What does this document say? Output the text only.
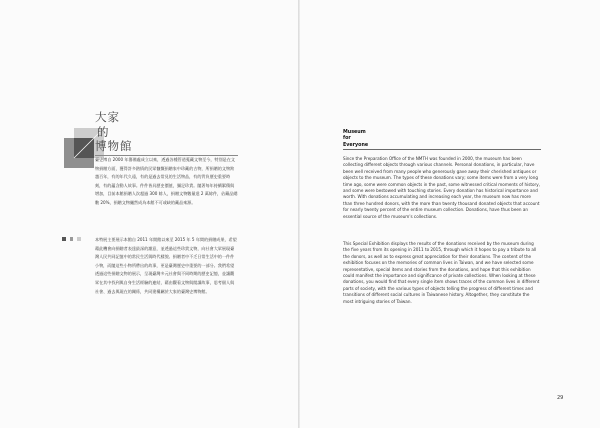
大家
的
博物館

臺史博自 2000 年籌備處成立以來，透過各種管道蒐藏文物至今，特別是在文物捐贈方面，獲得許多熱情的民眾慷慨捐贈家中珍藏的古物，所捐贈的文物跨越百年，有的年代久遠，有的是過去常見的生活物品，有的背負歷史重要時刻，有的蘊含動人故事。件件皆具歷史價值，彌足珍貴。隨著每年持續累積與增加，目前本館捐贈人次超過 300 餘人，捐贈文物數量達 2 萬餘件，佔藏品總數 20%，捐贈文物儼然成為本館不可或缺的藏品來源。

本特展主要展示本館自 2011 年開館以來至 2015 年 5 年間的捐贈成果，希望藉此機會向捐贈者表達最深的謝意，並透過這些珍貴文物，向社會大眾展現臺灣人民共同記憶中的常民生活與時代樣貌。捐贈者中不乏日常生活中的一件件小物，而隨這些小物所帶出的故事，更是臺灣歷史中重要的一部分。我們希望透過這些捐贈文物的展示，呈現臺灣多元社會與不同時期的歷史記憶，並讓觀眾在其中找到與自身生活經驗的連結，藉由觀看文物與閱讀故事，思考個人與社會、過去與現在的關係，共同建構屬於大家的臺灣史博物館。

Museum
for
Everyone

Since the Preparation Office of the NMTH was founded in 2000, the museum has been collecting different objects through various channels. Personal donations, in particular, have been well received from many people who generously gave away their cherished antiques or objects to the museum. The types of these donations vary; some items were from a very long time ago, some were common objects in the past, some witnessed critical moments of history, and some were bestowed with touching stories. Every donation has historical importance and worth. With donations accumulating and increasing each year, the museum now has more than three hundred donors, with the more than twenty thousand donated objects that account for nearly twenty percent of the entire museum collection. Donations, have thus been an essential source of the museum's collections.

This Special Exhibition displays the results of the donations received by the museum during the five years from its opening in 2011 to 2015, through which it hopes to pay a tribute to all the donors, as well as to express great appreciation for their donations. The content of the exhibition focuses on the memories of common lives in Taiwan, and we have selected some representative, special items and stories from the donations, and hope that this exhibition could manifest the importance and significance of private collections. When looking at these donations, you would find that every single item shows traces of the common lives in different parts of society, with the various types of objects telling the progress of different times and transitions of different social cultures in Taiwanese history. Altogether, they constitute the most intriguing stories of Taiwan.

29
